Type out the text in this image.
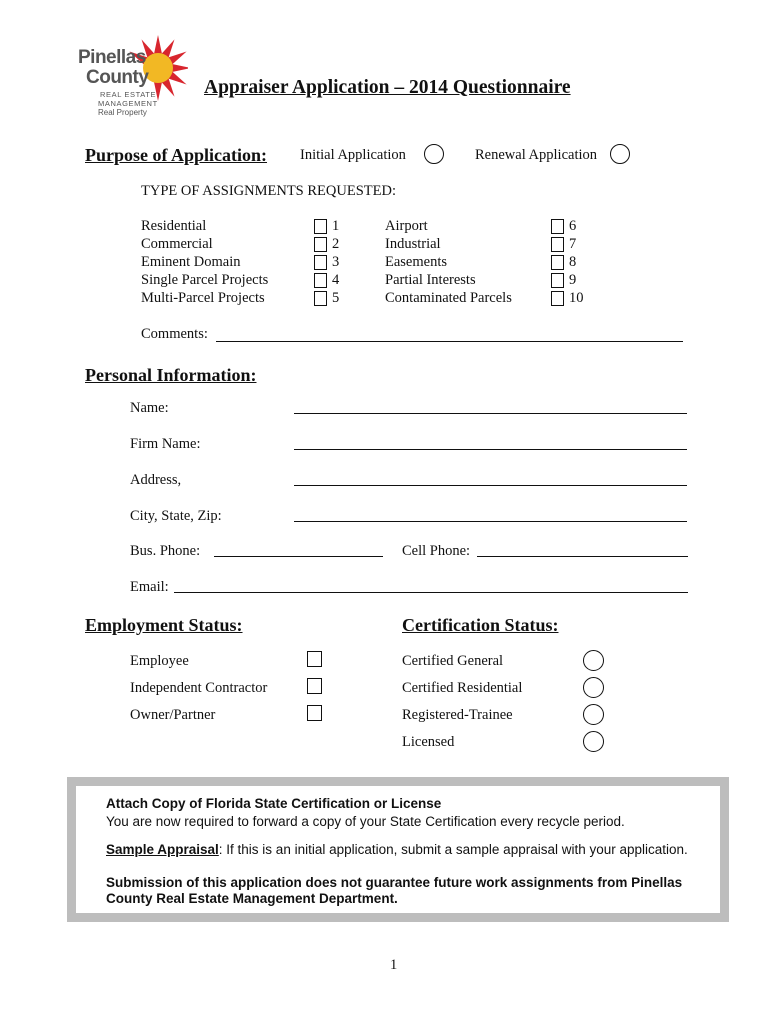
Pinellas
County
REAL ESTATE
MANAGEMENT
Real Property
Appraiser Application – 2014 Questionnaire
Purpose of Application: Initial Application	Renewal Application
TYPE OF ASSIGNMENTS REQUESTED:
Residential
Commercial
Eminent Domain
Single Parcel Projects
Multi-Parcel Projects
1
2
3
4
5
Airport
Industrial
Easements
Partial Interests
Contaminated Parcels
6
7
8
9
10
Comments:
Personal Information:
Name:
Firm Name:
Address,
City, State, Zip:
Bus. Phone:	Cell Phone:
Email:
Employment Status:
Employee
Independent Contractor
Owner/Partner
Certification Status:
Certified General
Certified Residential
Registered-Trainee
Licensed
Attach Copy of Florida State Certification or License
You are now required to forward a copy of your State Certification every recycle period.
Sample Appraisal: If this is an initial application, submit a sample appraisal with your application.
Submission of this application does not guarantee future work assignments from Pinellas
County Real Estate Management Department.
1
